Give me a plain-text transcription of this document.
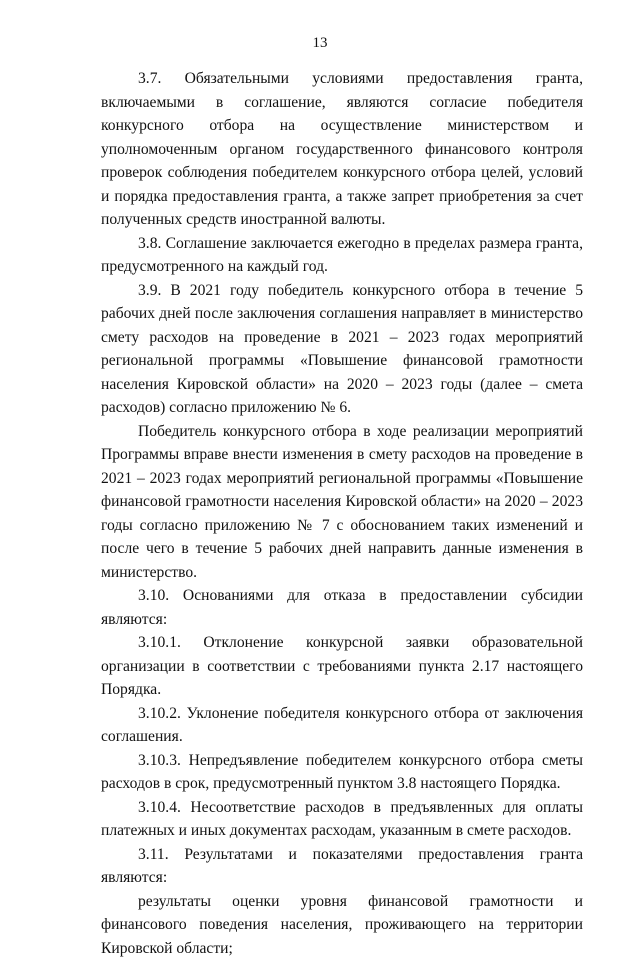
13

3.7. Обязательными условиями предоставления гранта, включаемыми в соглашение, являются согласие победителя конкурсного отбора на осуществление министерством и уполномоченным органом государственного финансового контроля проверок соблюдения победителем конкурсного отбора целей, условий и порядка предоставления гранта, а также запрет приобретения за счет полученных средств иностранной валюты.

3.8. Соглашение заключается ежегодно в пределах размера гранта, предусмотренного на каждый год.

3.9. В 2021 году победитель конкурсного отбора в течение 5 рабочих дней после заключения соглашения направляет в министерство смету расходов на проведение в 2021 – 2023 годах мероприятий региональной программы «Повышение финансовой грамотности населения Кировской области» на 2020 – 2023 годы (далее – смета расходов) согласно приложению № 6.

Победитель конкурсного отбора в ходе реализации мероприятий Программы вправе внести изменения в смету расходов на проведение в 2021 – 2023 годах мероприятий региональной программы «Повышение финансовой грамотности населения Кировской области» на 2020 – 2023 годы согласно приложению № 7 с обоснованием таких изменений и после чего в течение 5 рабочих дней направить данные изменения в министерство.

3.10. Основаниями для отказа в предоставлении субсидии являются:

3.10.1. Отклонение конкурсной заявки образовательной организации в соответствии с требованиями пункта 2.17 настоящего Порядка.

3.10.2. Уклонение победителя конкурсного отбора от заключения соглашения.

3.10.3. Непредъявление победителем конкурсного отбора сметы расходов в срок, предусмотренный пунктом 3.8 настоящего Порядка.

3.10.4. Несоответствие расходов в предъявленных для оплаты платежных и иных документах расходам, указанным в смете расходов.

3.11. Результатами и показателями предоставления гранта являются:

результаты оценки уровня финансовой грамотности и финансового поведения населения, проживающего на территории Кировской области;
